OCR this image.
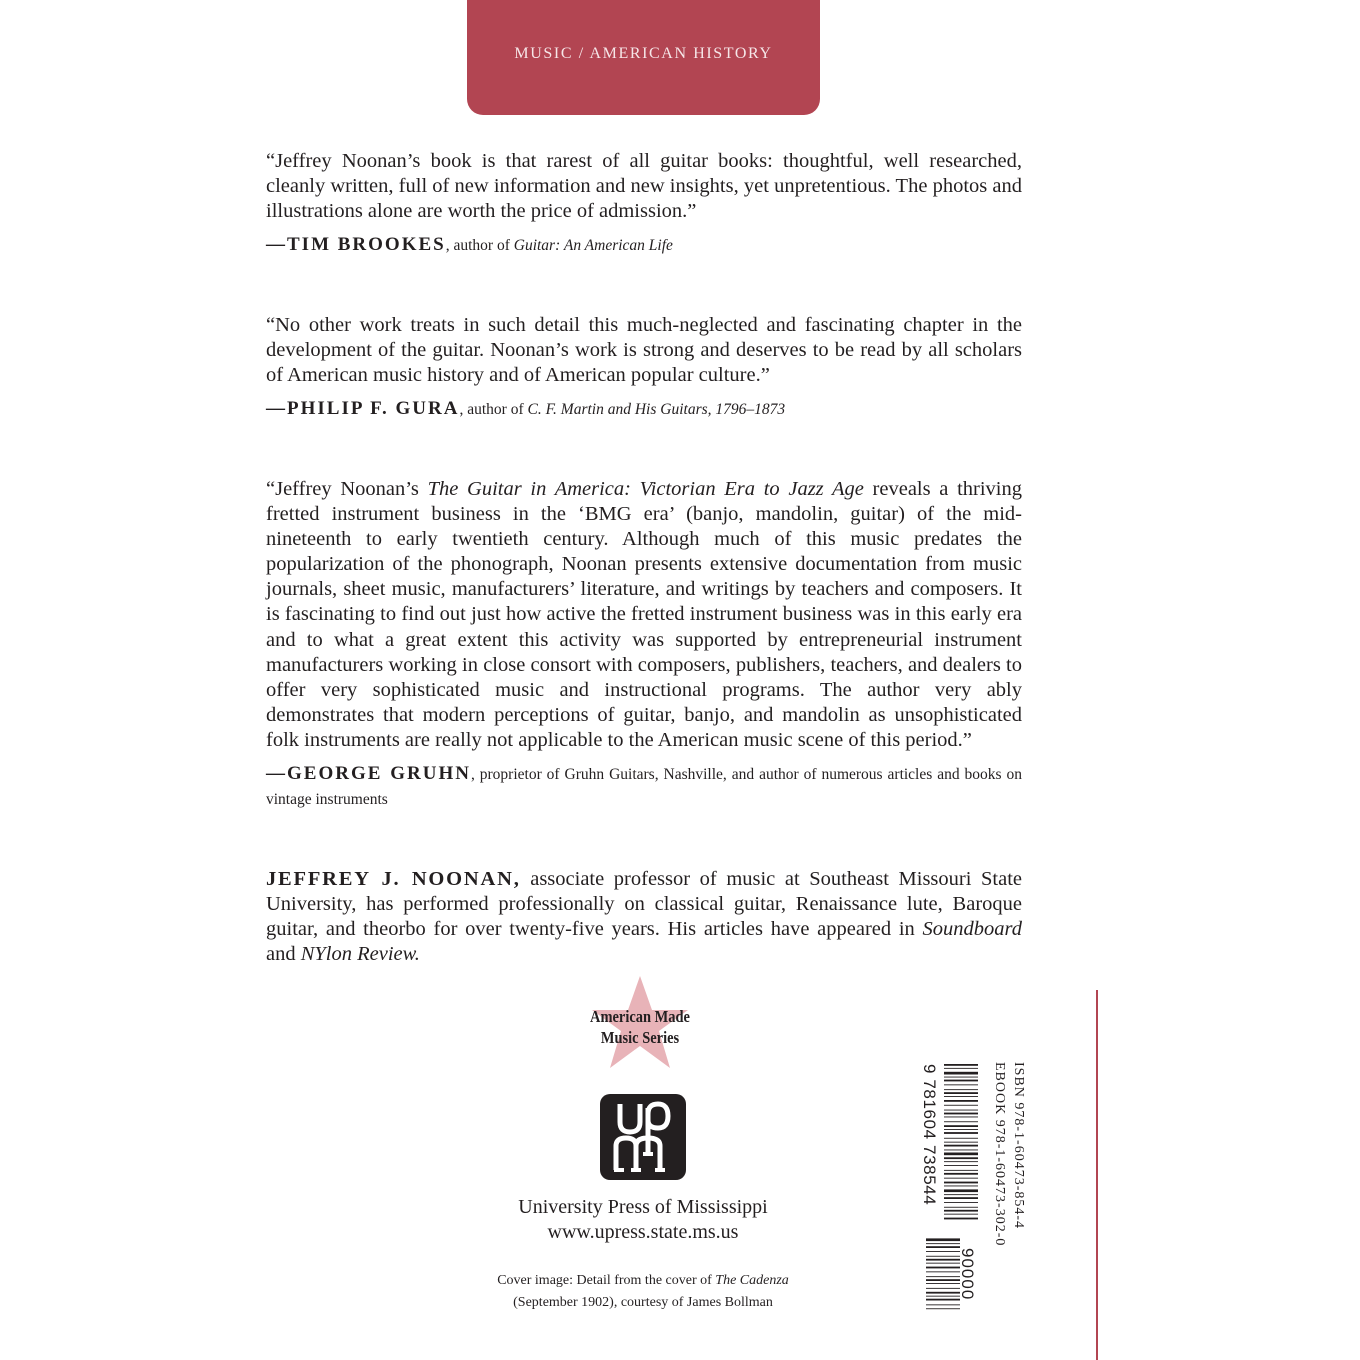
MUSIC / AMERICAN HISTORY

“Jeffrey Noonan’s book is that rarest of all guitar books: thoughtful, well researched, cleanly written, full of new information and new insights, yet unpretentious. The photos and illustrations alone are worth the price of admission.”

—TIM BROOKES, author of Guitar: An American Life

“No other work treats in such detail this much-neglected and fascinating chapter in the development of the guitar. Noonan’s work is strong and deserves to be read by all scholars of American music history and of American popular culture.”

—PHILIP F. GURA, author of C. F. Martin and His Guitars, 1796–1873

“Jeffrey Noonan’s The Guitar in America: Victorian Era to Jazz Age reveals a thriving fretted instrument business in the ‘BMG era’ (banjo, mandolin, guitar) of the mid-nineteenth to early twentieth century. Although much of this music predates the popularization of the phonograph, Noonan presents extensive documentation from music journals, sheet music, manufacturers’ literature, and writings by teachers and composers. It is fascinating to find out just how active the fretted instrument business was in this early era and to what a great extent this activity was supported by entrepreneurial instrument manufacturers working in close consort with composers, publishers, teachers, and dealers to offer very sophisticated music and instructional programs. The author very ably demonstrates that modern perceptions of guitar, banjo, and mandolin as unsophisticated folk instruments are really not applicable to the American music scene of this period.”

—GEORGE GRUHN, proprietor of Gruhn Guitars, Nashville, and author of numerous articles and books on vintage instruments

JEFFREY J. NOONAN, associate professor of music at Southeast Missouri State University, has performed professionally on classical guitar, Renaissance lute, Baroque guitar, and theorbo for over twenty-five years. His articles have appeared in Soundboard and NYlon Review.

American Made
Music Series
University Press of Mississippi
www.upress.state.ms.us
Cover image: Detail from the cover of The Cadenza
(September 1902), courtesy of James Bollman
9 781604 738544
90000
ISBN 978-1-60473-854-4
EBOOK 978-1-60473-302-0
